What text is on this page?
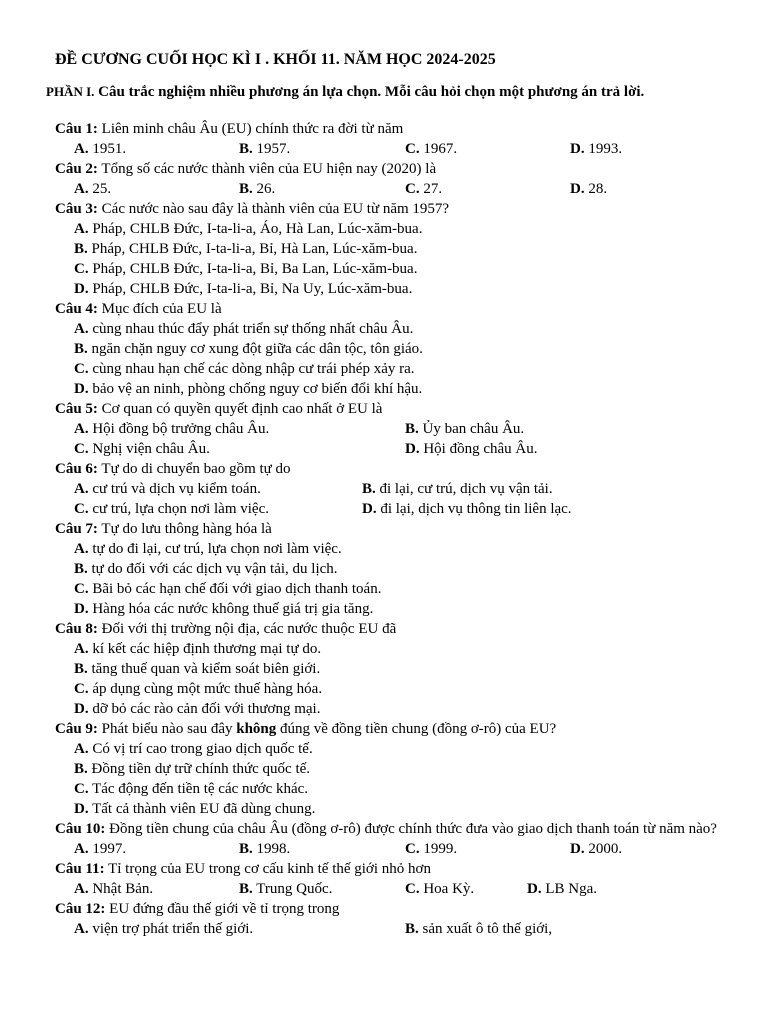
ĐỀ CƯƠNG CUỐI HỌC KÌ I . KHỐI 11. NĂM HỌC 2024-2025
PHẦN I. Câu trắc nghiệm nhiều phương án lựa chọn. Mỗi câu hỏi chọn một phương án trả lời.
Câu 1: Liên minh châu Âu (EU) chính thức ra đời từ năm
A. 1951.	B. 1957.	C. 1967.	D. 1993.
Câu 2: Tổng số các nước thành viên của EU hiện nay (2020) là
A. 25.	B. 26.	C. 27.	D. 28.
Câu 3: Các nước nào sau đây là thành viên của EU từ năm 1957?
A. Pháp, CHLB Đức, I-ta-li-a, Áo, Hà Lan, Lúc-xăm-bua.
B. Pháp, CHLB Đức, I-ta-li-a, Bỉ, Hà Lan, Lúc-xăm-bua.
C. Pháp, CHLB Đức, I-ta-li-a, Bỉ, Ba Lan, Lúc-xăm-bua.
D. Pháp, CHLB Đức, I-ta-li-a, Bỉ, Na Uy, Lúc-xăm-bua.
Câu 4: Mục đích của EU là
A. cùng nhau thúc đẩy phát triển sự thống nhất châu Âu.
B. ngăn chặn nguy cơ xung đột giữa các dân tộc, tôn giáo.
C. cùng nhau hạn chế các dòng nhập cư trái phép xảy ra.
D. bảo vệ an ninh, phòng chống nguy cơ biến đổi khí hậu.
Câu 5: Cơ quan có quyền quyết định cao nhất ở EU là
A. Hội đồng bộ trưởng châu Âu.	B. Ủy ban châu Âu.
C. Nghị viện châu Âu.	D. Hội đồng châu Âu.
Câu 6: Tự do di chuyển bao gồm tự do
A. cư trú và dịch vụ kiểm toán.	B. đi lại, cư trú, dịch vụ vận tải.
C. cư trú, lựa chọn nơi làm việc.	D. đi lại, dịch vụ thông tin liên lạc.
Câu 7: Tự do lưu thông hàng hóa là
A. tự do đi lại, cư trú, lựa chọn nơi làm việc.
B. tự do đối với các dịch vụ vận tải, du lịch.
C. Bãi bỏ các hạn chế đối với giao dịch thanh toán.
D. Hàng hóa các nước không thuế giá trị gia tăng.
Câu 8: Đối với thị trường nội địa, các nước thuộc EU đã
A. kí kết các hiệp định thương mại tự do.
B. tăng thuế quan và kiểm soát biên giới.
C. áp dụng cùng một mức thuế hàng hóa.
D. dỡ bỏ các rào cản đối với thương mại.
Câu 9: Phát biểu nào sau đây không đúng về đồng tiền chung (đồng ơ-rô) của EU?
A. Có vị trí cao trong giao dịch quốc tế.
B. Đồng tiền dự trữ chính thức quốc tế.
C. Tác động đến tiền tệ các nước khác.
D. Tất cả thành viên EU đã dùng chung.
Câu 10: Đồng tiền chung của châu Âu (đồng ơ-rô) được chính thức đưa vào giao dịch thanh toán từ năm nào?
A. 1997.	B. 1998.	C. 1999.	D. 2000.
Câu 11: Tỉ trọng của EU trong cơ cấu kinh tế thế giới nhỏ hơn
A. Nhật Bản.	B. Trung Quốc.	C. Hoa Kỳ.	D. LB Nga.
Câu 12: EU đứng đầu thế giới về tỉ trọng trong
A. viện trợ phát triển thế giới.	B. sản xuất ô tô thế giới,
